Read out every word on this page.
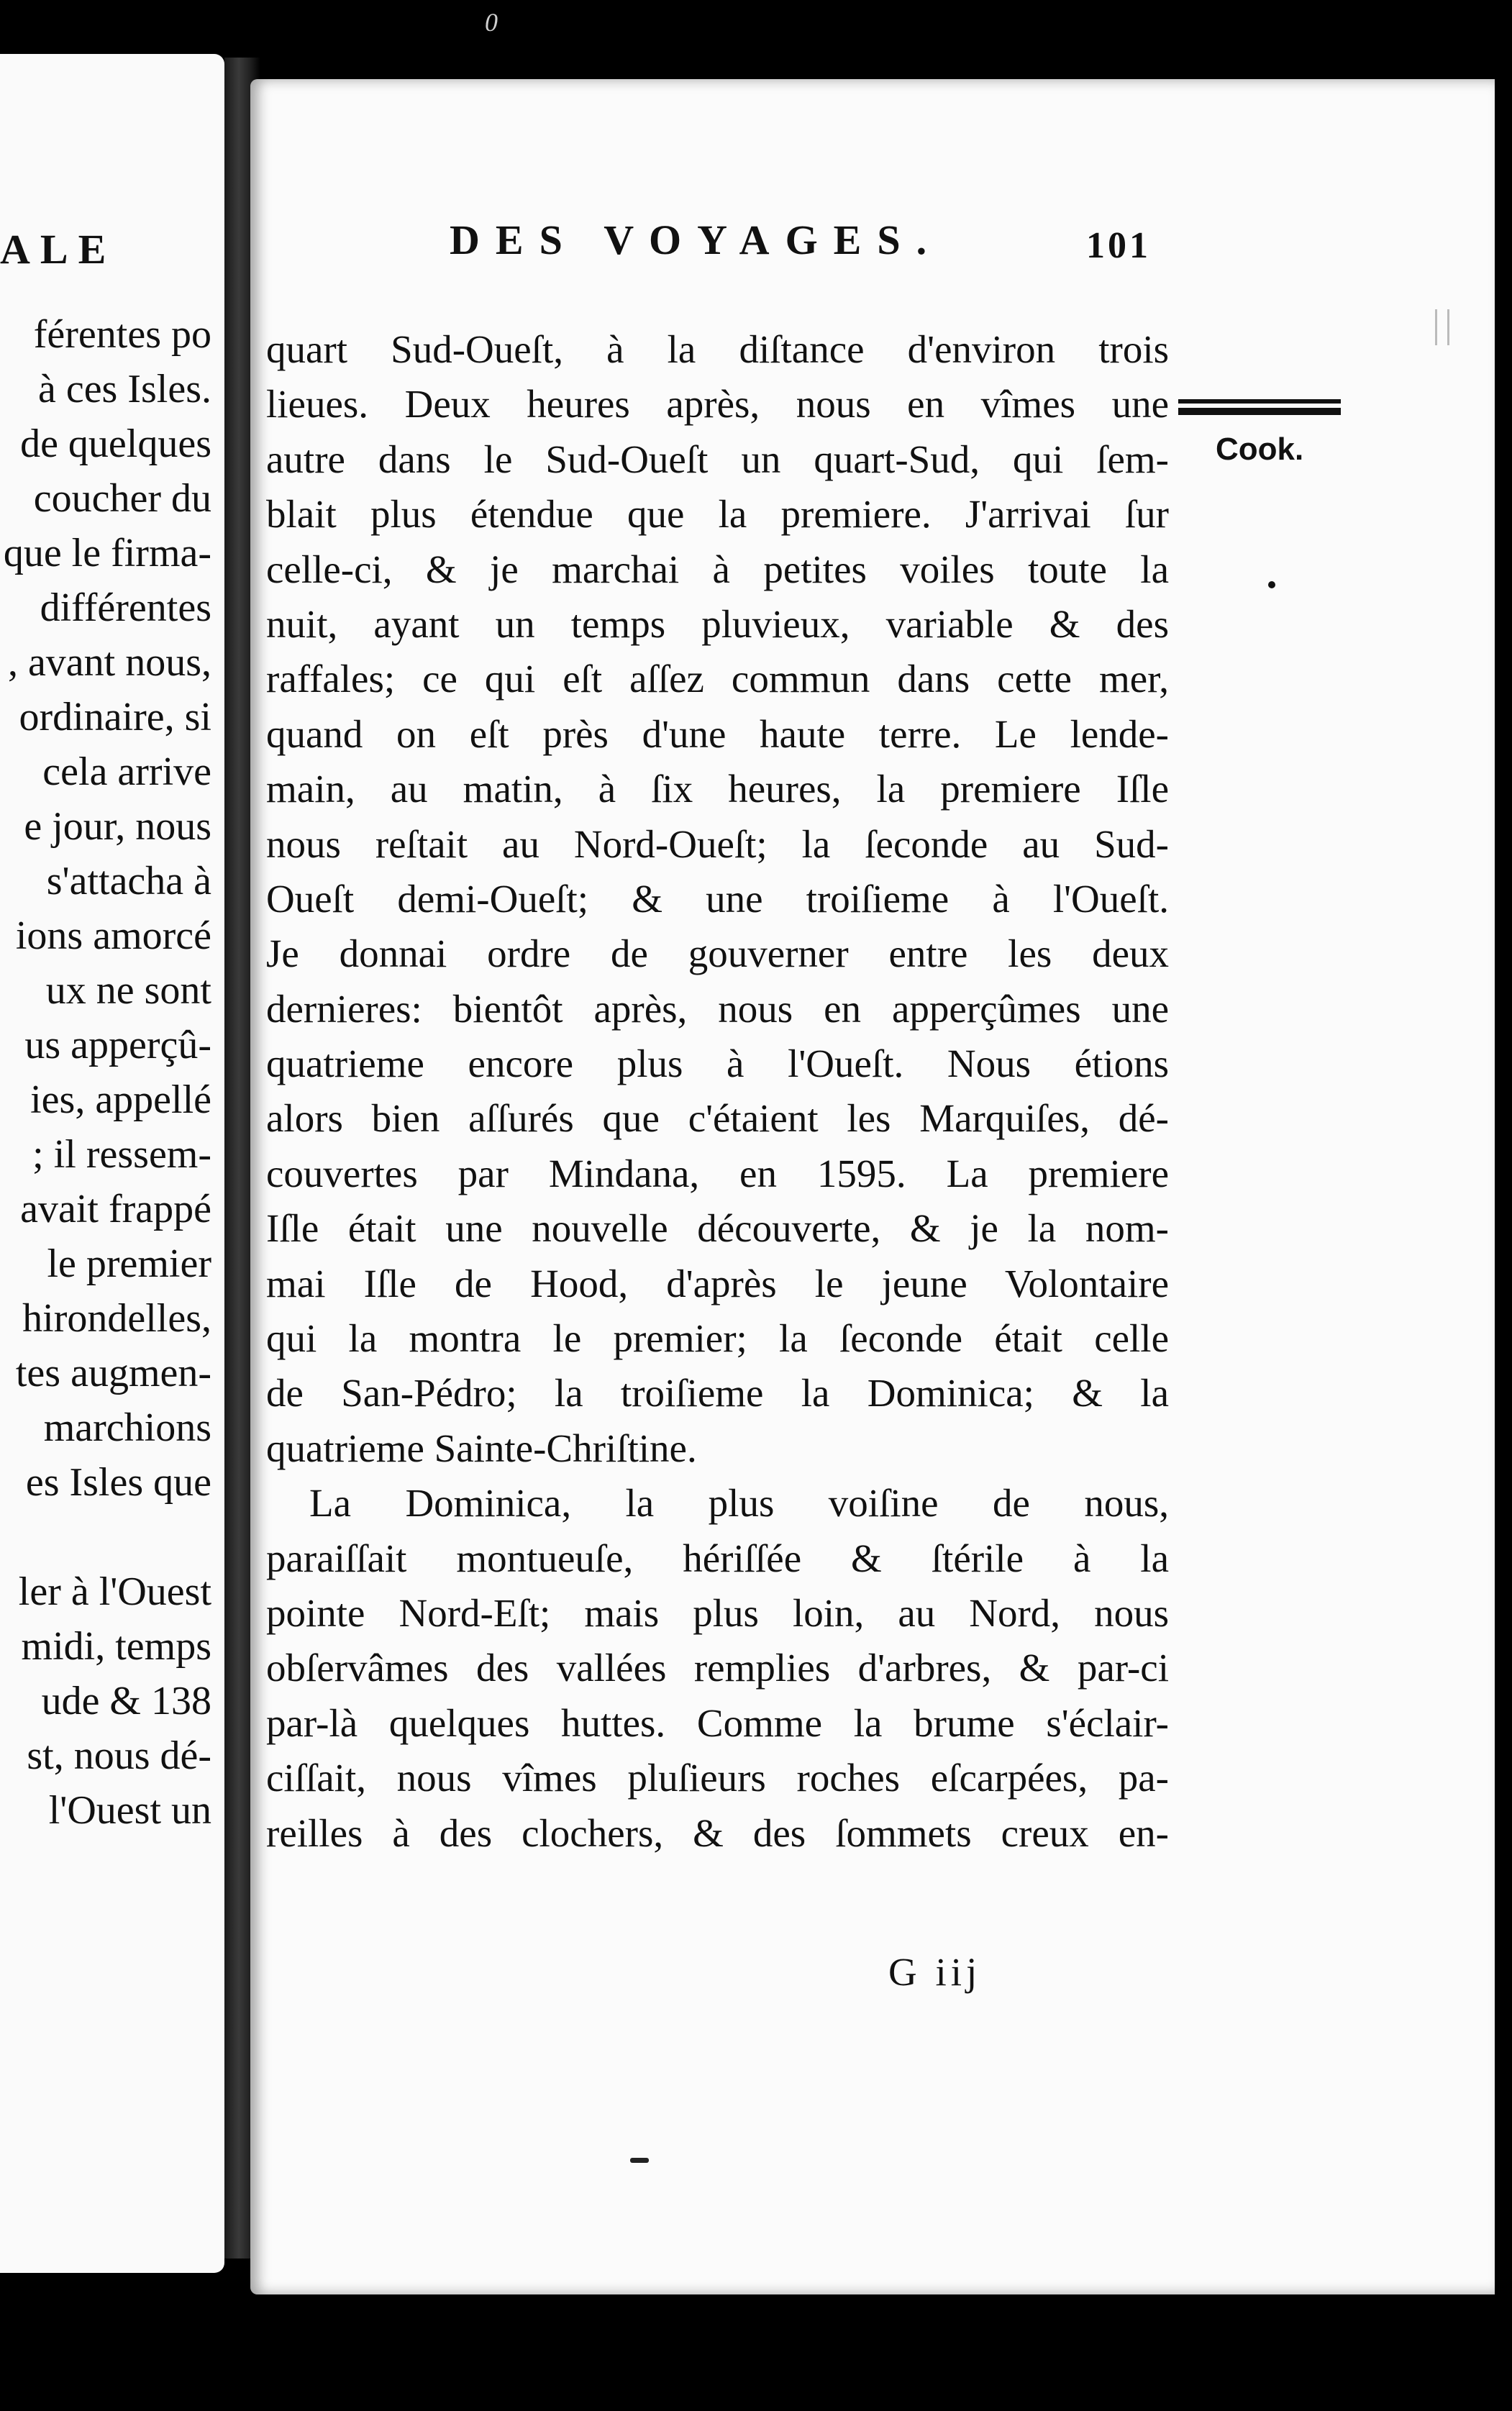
0

ALE

férentes po

à ces Isles.

de quelques

coucher du

que le firma-

différentes

, avant nous,

ordinaire, si

cela arrive

e jour, nous

s'attacha à

ions amorcé

ux ne sont

us apperçû-

ies, appellé

; il ressem-

avait frappé

le premier

hirondelles,

tes augmen-

marchions

es Isles que

ler à l'Ouest

midi, temps

ude & 138

st, nous dé-

l'Ouest un

DES VOYAGES.	101

Cook.

quart Sud-Oueſt, à la diſtance d'environ trois

lieues. Deux heures après, nous en vîmes une

autre dans le Sud-Oueſt un quart-Sud, qui ſem-

blait plus étendue que la premiere. J'arrivai ſur

celle-ci, & je marchai à petites voiles toute la

nuit, ayant un temps pluvieux, variable & des

raffales; ce qui eſt aſſez commun dans cette mer,

quand on eſt près d'une haute terre. Le lende-

main, au matin, à ſix heures, la premiere Iſle

nous reſtait au Nord-Oueſt; la ſeconde au Sud-

Oueſt demi-Oueſt; & une troiſieme à l'Oueſt.

Je donnai ordre de gouverner entre les deux

dernieres: bientôt après, nous en apperçûmes une

quatrieme encore plus à l'Oueſt. Nous étions

alors bien aſſurés que c'étaient les Marquiſes, dé-

couvertes par Mindana, en 1595. La premiere

Iſle était une nouvelle découverte, & je la nom-

mai Iſle de Hood, d'après le jeune Volontaire

qui la montra le premier; la ſeconde était celle

de San-Pédro; la troiſieme la Dominica; & la

quatrieme Sainte-Chriſtine.

La Dominica, la plus voiſine de nous,

paraiſſait montueuſe, hériſſée & ſtérile à la

pointe Nord-Eſt; mais plus loin, au Nord, nous

obſervâmes des vallées remplies d'arbres, & par-ci

par-là quelques huttes. Comme la brume s'éclair-

ciſſait, nous vîmes pluſieurs roches eſcarpées, pa-

reilles à des clochers, & des ſommets creux en-

G iij
